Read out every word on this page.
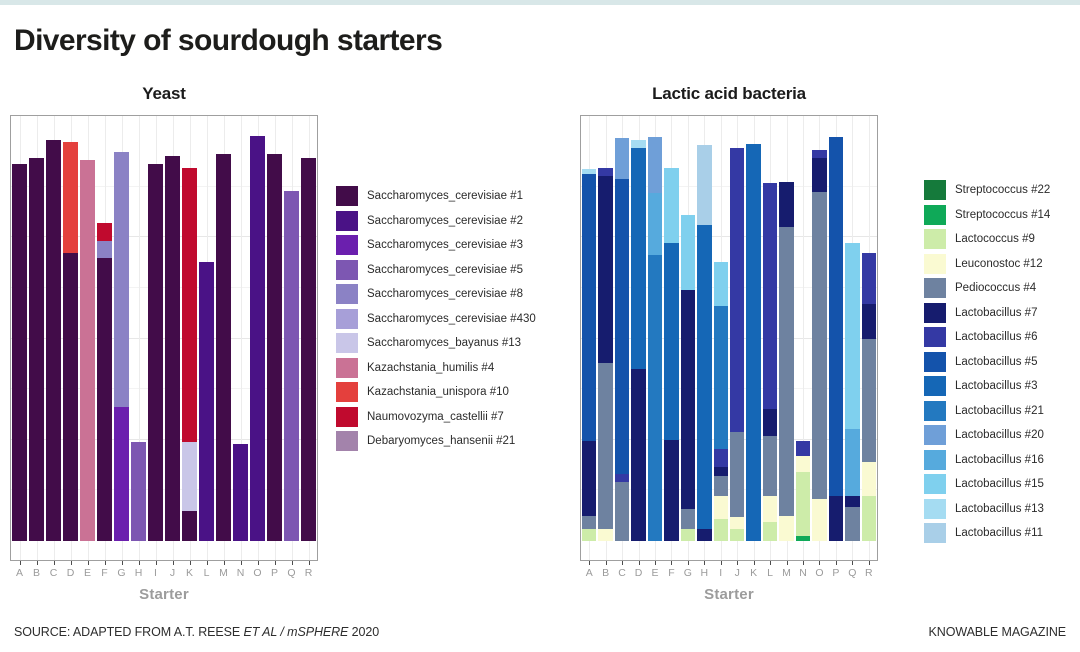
Diversity of sourdough starters
Yeast	Lactic acid bacteria
A B C D E F G H	I	J	K	L M N O P Q R	A B C D E F G H	I	J K L M N O P Q R
Starter	Starter
Saccharomyces_cerevisiae #1
Saccharomyces_cerevisiae #2
Saccharomyces_cerevisiae #3
Saccharomyces_cerevisiae #5
Saccharomyces_cerevisiae #8
Saccharomyces_cerevisiae #430
Saccharomyces_bayanus #13
Kazachstania_humilis #4
Kazachstania_unispora #10
Naumovozyma_castellii #7
Debaryomyces_hansenii #21
Streptococcus #22
Streptococcus #14
Lactococcus #9
Leuconostoc #12
Pediococcus #4
Lactobacillus #7
Lactobacillus #6
Lactobacillus #5
Lactobacillus #3
Lactobacillus #21
Lactobacillus #20
Lactobacillus #16
Lactobacillus #15
Lactobacillus #13
Lactobacillus #11
SOURCE: ADAPTED FROM A.T. REESE ET AL / mSPHERE 2020	KNOWABLE MAGAZINE
